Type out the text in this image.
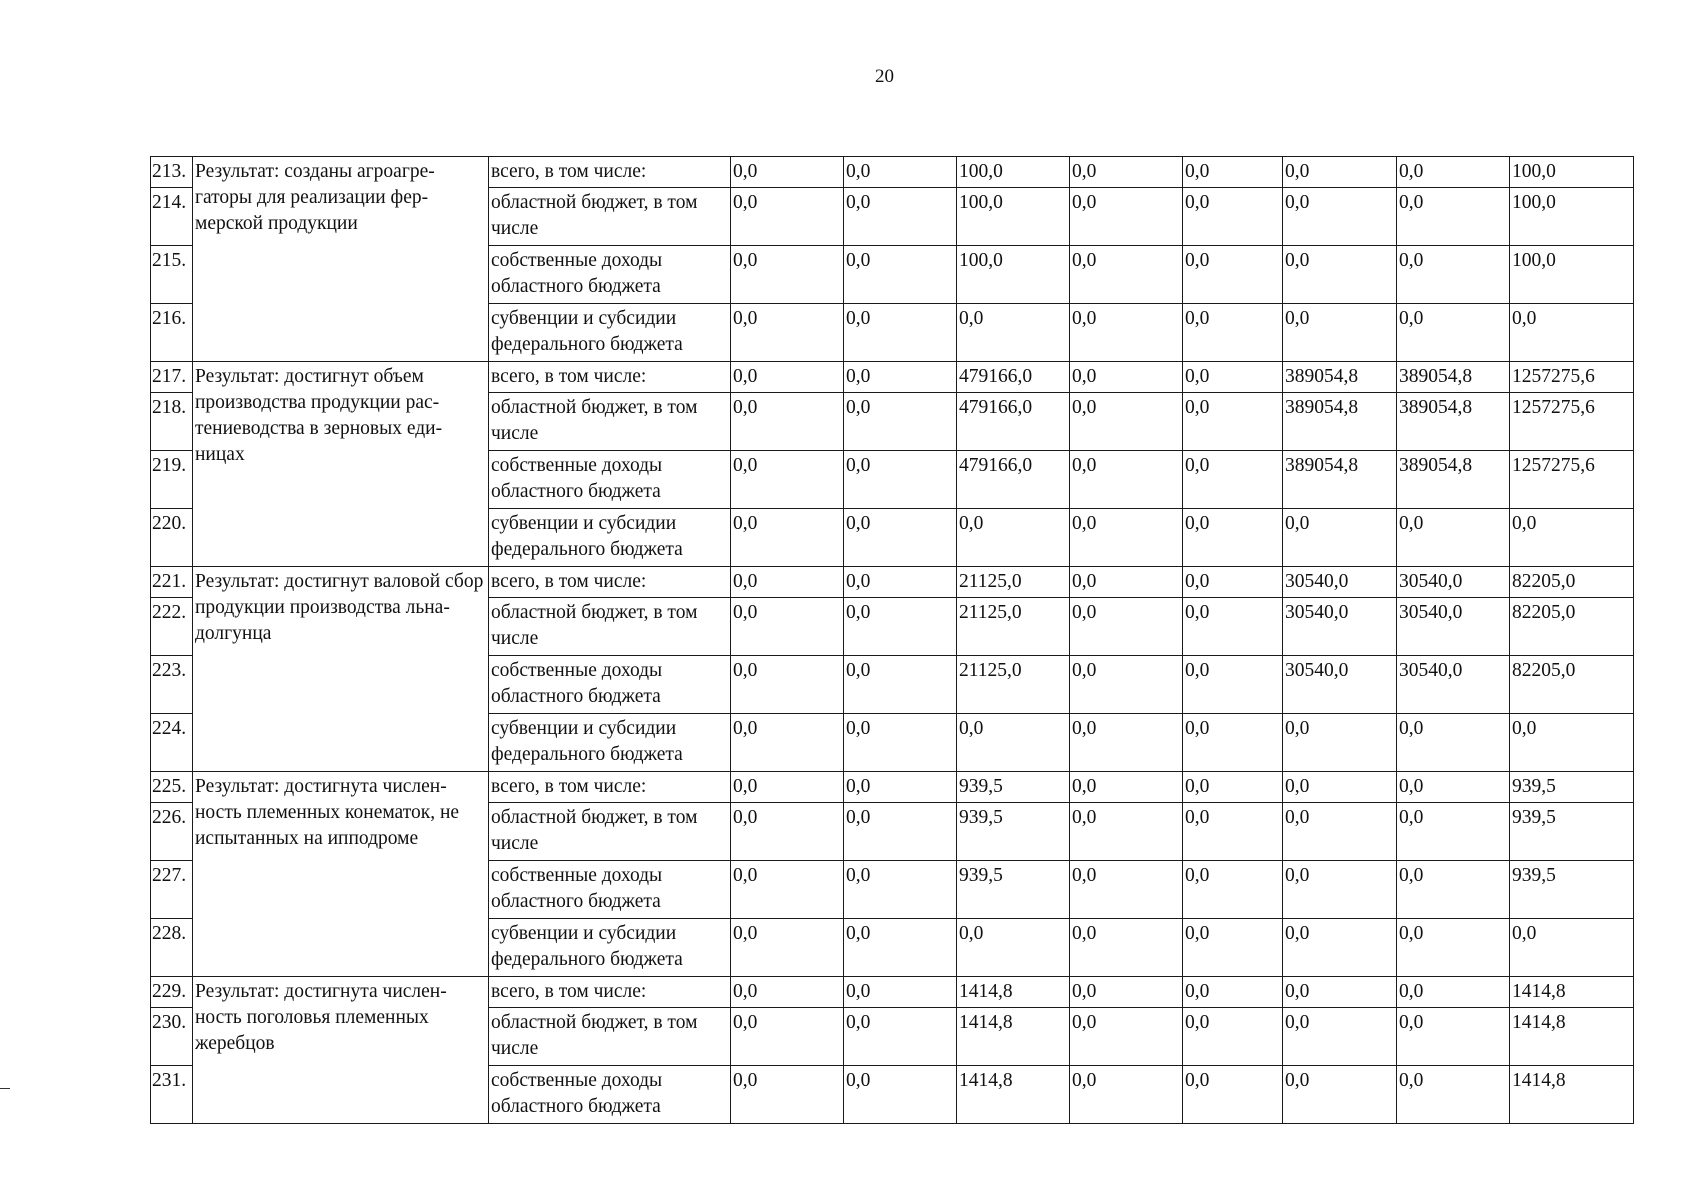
20
213.	Результат: созданы агроагре-гаторы для реализации фер-мерской продукции	всего, в том числе:	0,0	0,0	100,0	0,0	0,0	0,0	0,0	100,0
214.		областной бюджет, в том числе	0,0	0,0	100,0	0,0	0,0	0,0	0,0	100,0
215.		собственные доходы областного бюджета	0,0	0,0	100,0	0,0	0,0	0,0	0,0	100,0
216.		субвенции и субсидии федерального бюджета	0,0	0,0	0,0	0,0	0,0	0,0	0,0	0,0
217.	Результат: достигнут объем производства продукции рас-тениеводства в зерновых еди-ницах	всего, в том числе:	0,0	0,0	479166,0	0,0	0,0	389054,8	389054,8	1257275,6
218.		областной бюджет, в том числе	0,0	0,0	479166,0	0,0	0,0	389054,8	389054,8	1257275,6
219.		собственные доходы областного бюджета	0,0	0,0	479166,0	0,0	0,0	389054,8	389054,8	1257275,6
220.		субвенции и субсидии федерального бюджета	0,0	0,0	0,0	0,0	0,0	0,0	0,0	0,0
221.	Результат: достигнут валовой сбор продукции производства льна-долгунца	всего, в том числе:	0,0	0,0	21125,0	0,0	0,0	30540,0	30540,0	82205,0
222.		областной бюджет, в том числе	0,0	0,0	21125,0	0,0	0,0	30540,0	30540,0	82205,0
223.		собственные доходы областного бюджета	0,0	0,0	21125,0	0,0	0,0	30540,0	30540,0	82205,0
224.		субвенции и субсидии федерального бюджета	0,0	0,0	0,0	0,0	0,0	0,0	0,0	0,0
225.	Результат: достигнута числен-ность племенных конематок, не испытанных на ипподроме	всего, в том числе:	0,0	0,0	939,5	0,0	0,0	0,0	0,0	939,5
226.		областной бюджет, в том числе	0,0	0,0	939,5	0,0	0,0	0,0	0,0	939,5
227.		собственные доходы областного бюджета	0,0	0,0	939,5	0,0	0,0	0,0	0,0	939,5
228.		субвенции и субсидии федерального бюджета	0,0	0,0	0,0	0,0	0,0	0,0	0,0	0,0
229.	Результат: достигнута числен-ность поголовья племенных жеребцов	всего, в том числе:	0,0	0,0	1414,8	0,0	0,0	0,0	0,0	1414,8
230.		областной бюджет, в том числе	0,0	0,0	1414,8	0,0	0,0	0,0	0,0	1414,8
231.		собственные доходы областного бюджета	0,0	0,0	1414,8	0,0	0,0	0,0	0,0	1414,8
